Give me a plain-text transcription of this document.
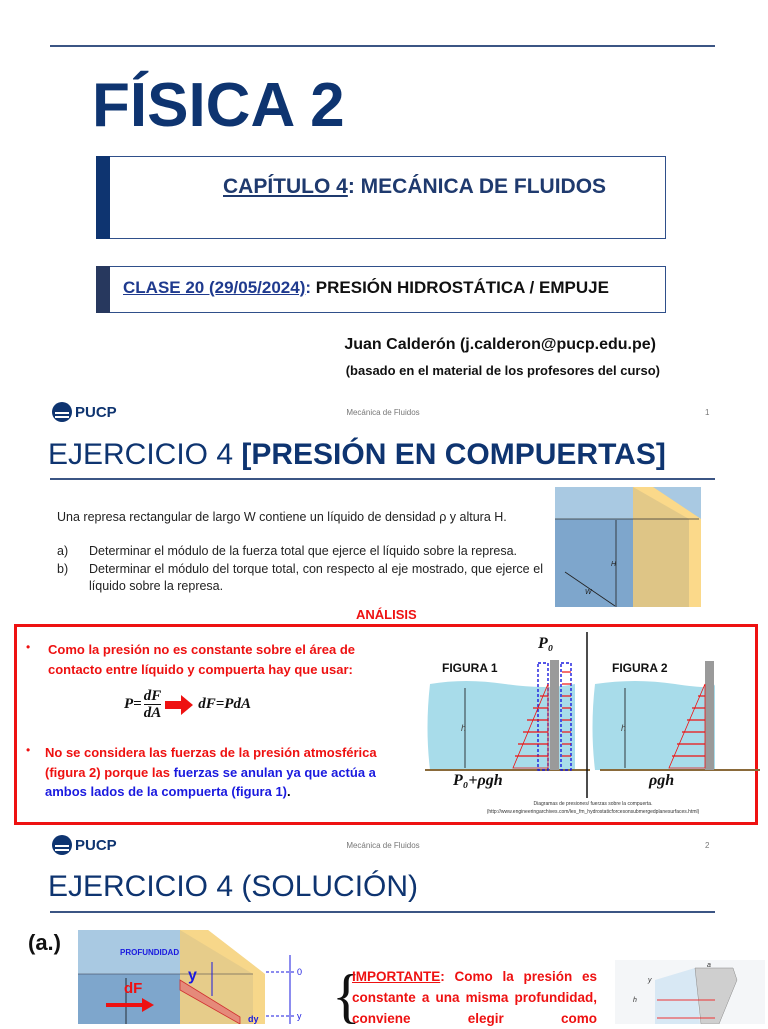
FÍSICA 2
CAPÍTULO 4: MECÁNICA DE FLUIDOS
CLASE 20 (29/05/2024): PRESIÓN HIDROSTÁTICA / EMPUJE
Juan Calderón (j.calderon@pucp.edu.pe)
(basado en el material de los profesores del curso)
PUCP	Mecánica de Fluidos	1
EJERCICIO 4 [PRESIÓN EN COMPUERTAS]
Una represa rectangular de largo W contiene un líquido de densidad ρ y altura H.
a)	Determinar el módulo de la fuerza total que ejerce el líquido sobre la represa.
b)	Determinar el módulo del torque total, con respecto al eje mostrado, que ejerce el líquido sobre la represa.
H
W
ANÁLISIS
• Como la presión no es constante sobre el área de contacto entre líquido y compuerta hay que usar:
$P= \frac{dF}{dA} dF=PdA$
• No se considera las fuerzas de la presión atmosférica (figura 2) porque las fuerzas se anulan ya que actúa a ambos lados de la compuerta (figura 1).
h
FIGURA 1
P₀
P₀+ρgh
h
FIGURA 2
ρgh
Diagramas de presiones/ fuerzas sobre la compuerta.
(http://www.engineeringarchives.com/les_fm_hydrostaticforcesonsubmergedplanesurfaces.html)
PUCP	Mecánica de Fluidos	2
EJERCICIO 4 (SOLUCIÓN)
(a.)	PROFUNDIDAD
y
dF
dy
0
y {
IMPORTANTE: Como la presión es constante a una misma profundidad, conviene elegir como
a
h
y
